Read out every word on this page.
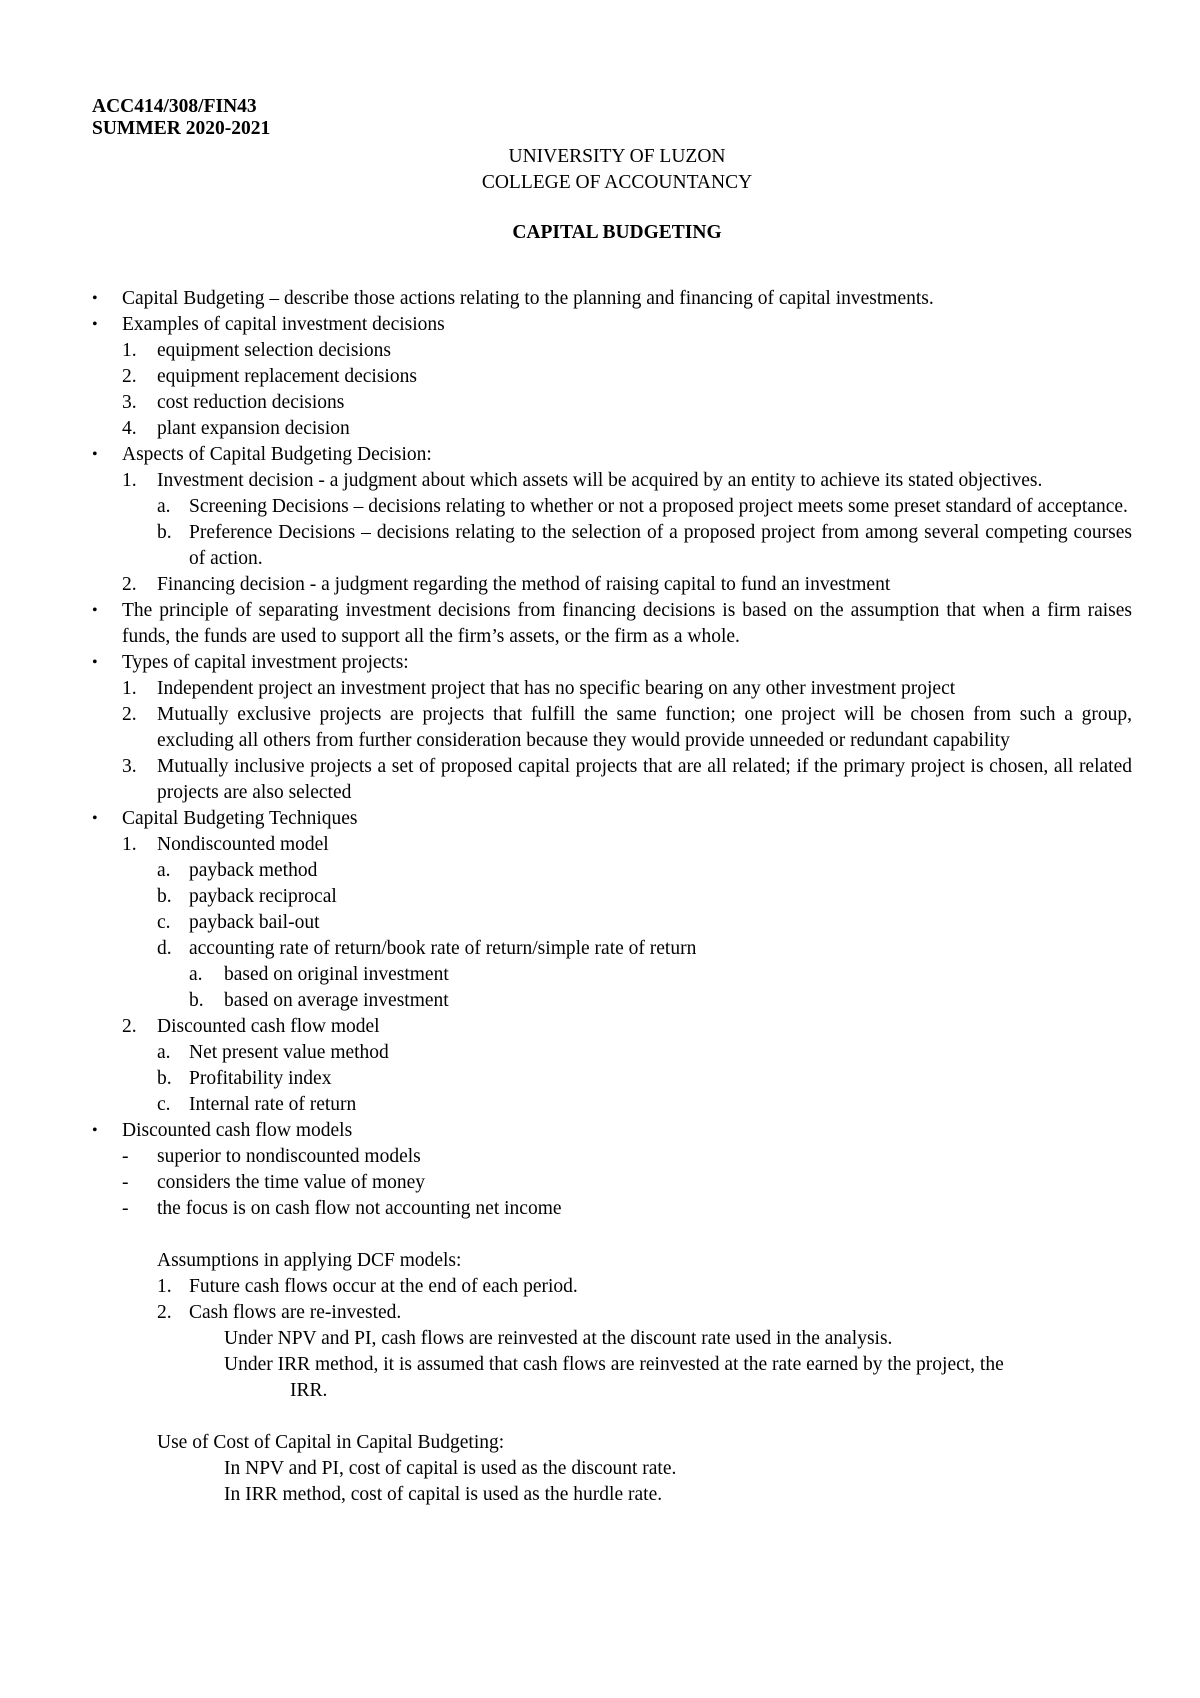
ACC414/308/FIN43
SUMMER 2020-2021
UNIVERSITY OF LUZON
COLLEGE OF ACCOUNTANCY
CAPITAL BUDGETING
• Capital Budgeting – describe those actions relating to the planning and financing of capital investments.
• Examples of capital investment decisions
1. equipment selection decisions
2. equipment replacement decisions
3. cost reduction decisions
4. plant expansion decision
• Aspects of Capital Budgeting Decision:
1. Investment decision - a judgment about which assets will be acquired by an entity to achieve its stated objectives.
a. Screening Decisions – decisions relating to whether or not a proposed project meets some preset standard of acceptance.
b. Preference Decisions – decisions relating to the selection of a proposed project from among several competing courses of action.
2. Financing decision - a judgment regarding the method of raising capital to fund an investment
• The principle of separating investment decisions from financing decisions is based on the assumption that when a firm raises funds, the funds are used to support all the firm’s assets, or the firm as a whole.
• Types of capital investment projects:
1. Independent project an investment project that has no specific bearing on any other investment project
2. Mutually exclusive projects are projects that fulfill the same function; one project will be chosen from such a group, excluding all others from further consideration because they would provide unneeded or redundant capability
3. Mutually inclusive projects a set of proposed capital projects that are all related; if the primary project is chosen, all related projects are also selected
• Capital Budgeting Techniques
1. Nondiscounted model
a. payback method
b. payback reciprocal
c. payback bail-out
d. accounting rate of return/book rate of return/simple rate of return
a. based on original investment
b. based on average investment
2. Discounted cash flow model
a. Net present value method
b. Profitability index
c. Internal rate of return
• Discounted cash flow models
- superior to nondiscounted models
- considers the time value of money
- the focus is on cash flow not accounting net income
Assumptions in applying DCF models:
1. Future cash flows occur at the end of each period.
2. Cash flows are re-invested.
Under NPV and PI, cash flows are reinvested at the discount rate used in the analysis.
Under IRR method, it is assumed that cash flows are reinvested at the rate earned by the project, the
IRR.
Use of Cost of Capital in Capital Budgeting:
In NPV and PI, cost of capital is used as the discount rate.
In IRR method, cost of capital is used as the hurdle rate.
